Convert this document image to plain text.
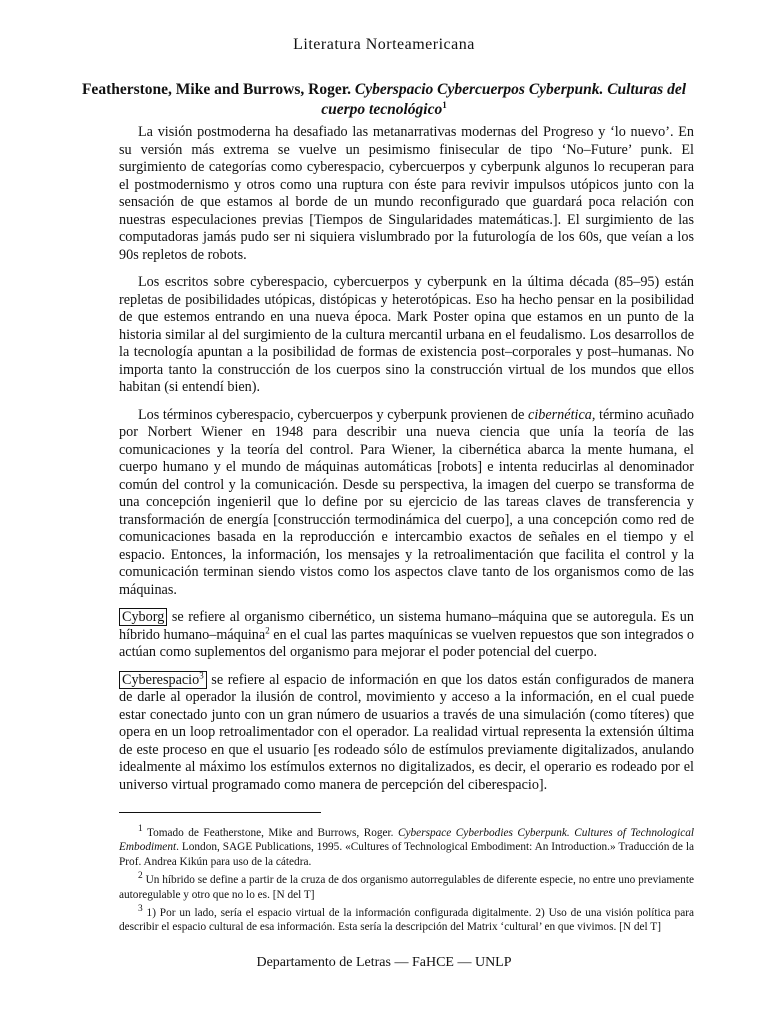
Literatura Norteamericana
Featherstone, Mike and Burrows, Roger. Cyberspacio Cybercuerpos Cyberpunk. Culturas del cuerpo tecnológico$^1$

La visión postmoderna ha desafiado las metanarrativas modernas del Progreso y ‘lo nuevo’. En su versión más extrema se vuelve un pesimismo finisecular de tipo ‘No–Future’ punk. El surgimiento de categorías como cyberespacio, cybercuerpos y cyberpunk algunos lo recuperan para el postmodernismo y otros como una ruptura con éste para revivir impulsos utópicos junto con la sensación de que estamos al borde de un mundo reconfigurado que guardará poca relación con nuestras especulaciones previas [Tiempos de Singularidades matemáticas.]. El surgimiento de las computadoras jamás pudo ser ni siquiera vislumbrado por la futurología de los 60s, que veían a los 90s repletos de robots.

Los escritos sobre cyberespacio, cybercuerpos y cyberpunk en la última década (85–95) están repletas de posibilidades utópicas, distópicas y heterotópicas. Eso ha hecho pensar en la posibilidad de que estemos entrando en una nueva época. Mark Poster opina que estamos en un punto de la historia similar al del surgimiento de la cultura mercantil urbana en el feudalismo. Los desarrollos de la tecnología apuntan a la posibilidad de formas de existencia post–corporales y post–humanas. No importa tanto la construcción de los cuerpos sino la construcción virtual de los mundos que ellos habitan (si entendí bien).

Los términos cyberespacio, cybercuerpos y cyberpunk provienen de cibernética, término acuñado por Norbert Wiener en 1948 para describir una nueva ciencia que unía la teoría de las comunicaciones y la teoría del control. Para Wiener, la cibernética abarca la mente humana, el cuerpo humano y el mundo de máquinas automáticas [robots] e intenta reducirlas al denominador común del control y la comunicación. Desde su perspectiva, la imagen del cuerpo se transforma de una concepción ingenieril que lo define por su ejercicio de las tareas claves de transferencia y transformación de energía [construcción termodinámica del cuerpo], a una concepción como red de comunicaciones basada en la reproducción e intercambio exactos de señales en el tiempo y el espacio. Entonces, la información, los mensajes y la retroalimentación que facilita el control y la comunicación terminan siendo vistos como los aspectos clave tanto de los organismos como de las máquinas.

Cyborg se refiere al organismo cibernético, un sistema humano–máquina que se autoregula. Es un híbrido humano–máquina$^2$ en el cual las partes maquínicas se vuelven repuestos que son integrados o actúan como suplementos del organismo para mejorar el poder potencial del cuerpo.

Cyberespacio$^3$ se refiere al espacio de información en que los datos están configurados de manera de darle al operador la ilusión de control, movimiento y acceso a la información, en el cual puede estar conectado junto con un gran número de usuarios a través de una simulación (como títeres) que opera en un loop retroalimentador con el operador. La realidad virtual representa la extensión última de este proceso en que el usuario [es rodeado sólo de estímulos previamente digitalizados, anulando idealmente al máximo los estímulos externos no digitalizados, es decir, el operario es rodeado por el universo virtual programado como manera de percepción del ciberespacio].

$^1$ Tomado de Featherstone, Mike and Burrows, Roger. Cyberspace Cyberbodies Cyberpunk. Cultures of Technological Embodiment. London, SAGE Publications, 1995. «Cultures of Technological Embodiment: An Introduction.» Traducción de la Prof. Andrea Kikún para uso de la cátedra.

$^2$ Un híbrido se define a partir de la cruza de dos organismo autorregulables de diferente especie, no entre uno previamente autoregulable y otro que no lo es. [N del T]

$^3$ 1) Por un lado, sería el espacio virtual de la información configurada digitalmente. 2) Uso de una visión política para describir el espacio cultural de esa información. Esta sería la descripción del Matrix ‘cultural’ en que vivimos. [N del T]

Departamento de Letras — FaHCE — UNLP
